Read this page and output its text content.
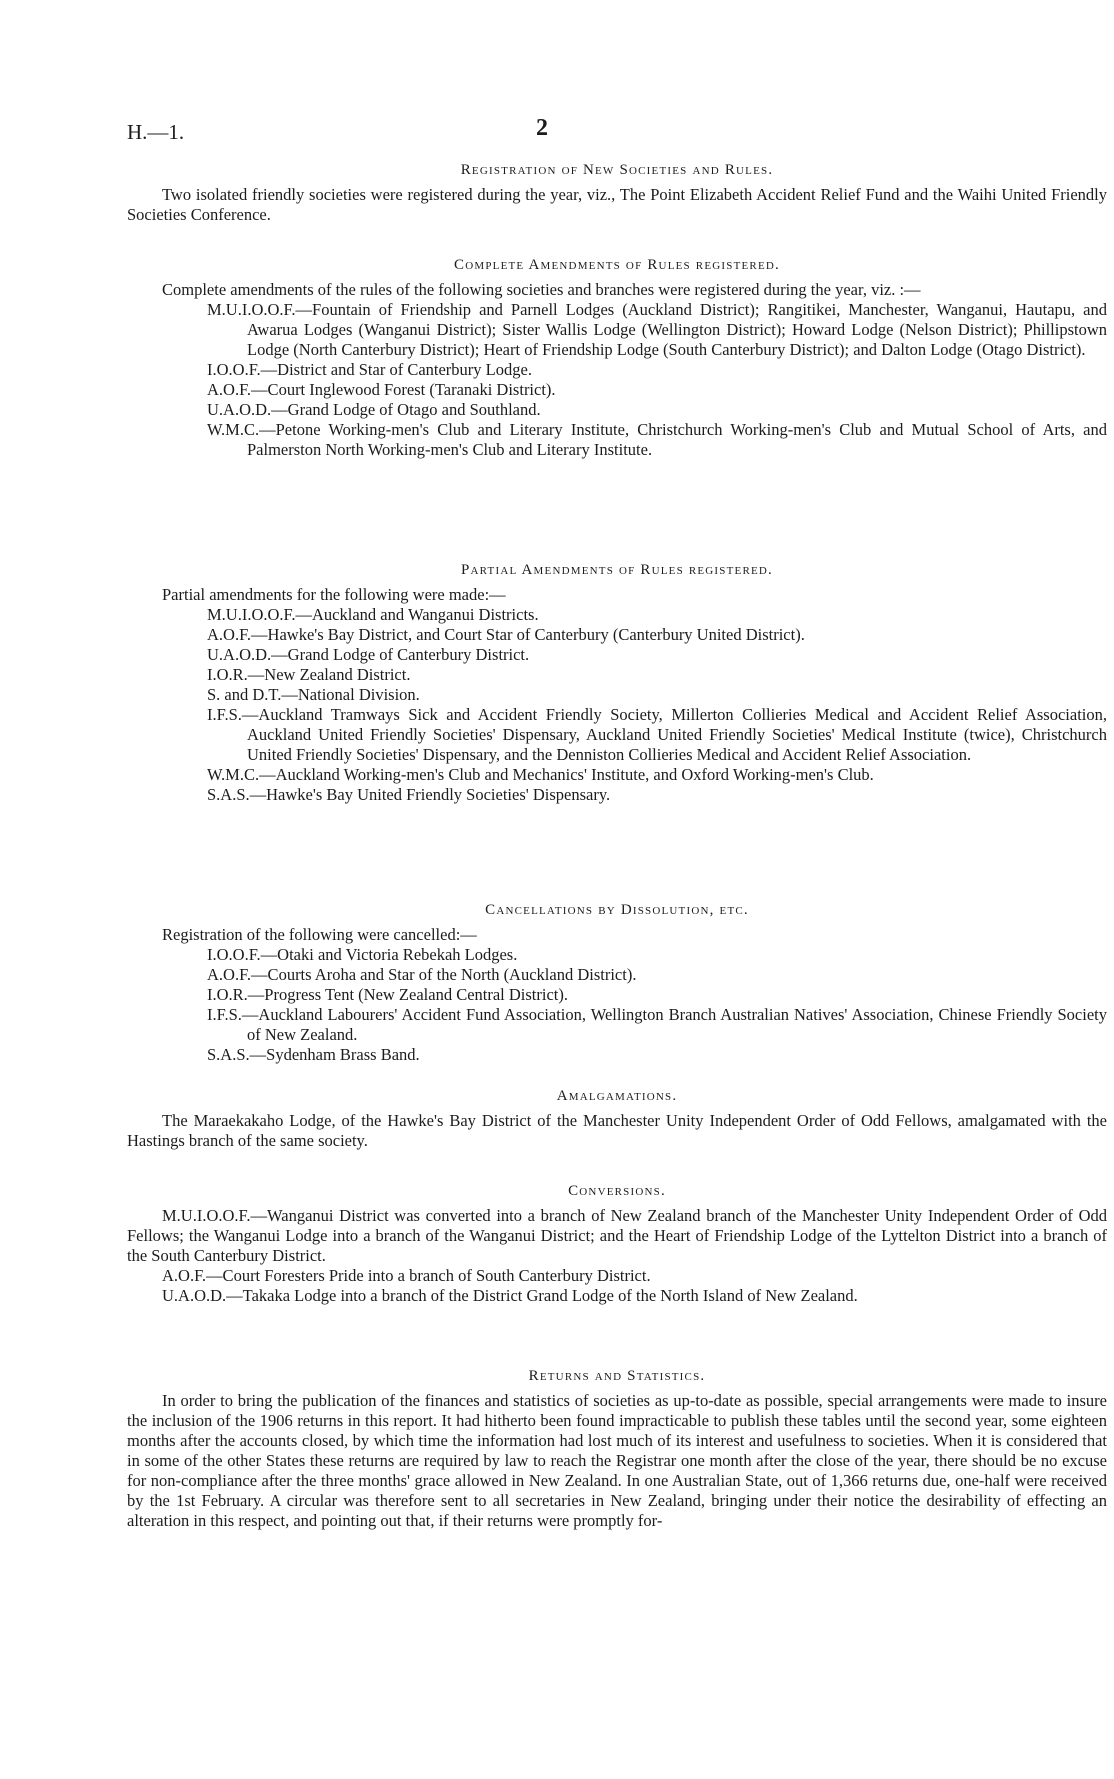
H.—1.	2
Registration of New Societies and Rules.

Two isolated friendly societies were registered during the year, viz., The Point Elizabeth Accident Relief Fund and the Waihi United Friendly Societies Conference.

Complete Amendments of Rules registered.

Complete amendments of the rules of the following societies and branches were registered during the year, viz. :—

M.U.I.O.O.F.—Fountain of Friendship and Parnell Lodges (Auckland District); Rangitikei, Manchester, Wanganui, Hautapu, and Awarua Lodges (Wanganui District); Sister Wallis Lodge (Wellington District); Howard Lodge (Nelson District); Phillipstown Lodge (North Canterbury District); Heart of Friendship Lodge (South Canterbury District); and Dalton Lodge (Otago District).
I.O.O.F.—District and Star of Canterbury Lodge.
A.O.F.—Court Inglewood Forest (Taranaki District).
U.A.O.D.—Grand Lodge of Otago and Southland.
W.M.C.—Petone Working-men's Club and Literary Institute, Christchurch Working-men's Club and Mutual School of Arts, and Palmerston North Working-men's Club and Literary Institute.
Partial Amendments of Rules registered.

Partial amendments for the following were made:—

M.U.I.O.O.F.—Auckland and Wanganui Districts.
A.O.F.—Hawke's Bay District, and Court Star of Canterbury (Canterbury United District).
U.A.O.D.—Grand Lodge of Canterbury District.
I.O.R.—New Zealand District.
S. and D.T.—National Division.
I.F.S.—Auckland Tramways Sick and Accident Friendly Society, Millerton Collieries Medical and Accident Relief Association, Auckland United Friendly Societies' Dispensary, Auckland United Friendly Societies' Medical Institute (twice), Christchurch United Friendly Societies' Dispensary, and the Denniston Collieries Medical and Accident Relief Association.
W.M.C.—Auckland Working-men's Club and Mechanics' Institute, and Oxford Working-men's Club.
S.A.S.—Hawke's Bay United Friendly Societies' Dispensary.
Cancellations by Dissolution, etc.

Registration of the following were cancelled:—

I.O.O.F.—Otaki and Victoria Rebekah Lodges.
A.O.F.—Courts Aroha and Star of the North (Auckland District).
I.O.R.—Progress Tent (New Zealand Central District).
I.F.S.—Auckland Labourers' Accident Fund Association, Wellington Branch Australian Natives' Association, Chinese Friendly Society of New Zealand.
S.A.S.—Sydenham Brass Band.
Amalgamations.

The Maraekakaho Lodge, of the Hawke's Bay District of the Manchester Unity Independent Order of Odd Fellows, amalgamated with the Hastings branch of the same society.

Conversions.

M.U.I.O.O.F.—Wanganui District was converted into a branch of New Zealand branch of the Manchester Unity Independent Order of Odd Fellows; the Wanganui Lodge into a branch of the Wanganui District; and the Heart of Friendship Lodge of the Lyttelton District into a branch of the South Canterbury District.

A.O.F.—Court Foresters Pride into a branch of South Canterbury District.

U.A.O.D.—Takaka Lodge into a branch of the District Grand Lodge of the North Island of New Zealand.

Returns and Statistics.

In order to bring the publication of the finances and statistics of societies as up-to-date as possible, special arrangements were made to insure the inclusion of the 1906 returns in this report. It had hitherto been found impracticable to publish these tables until the second year, some eighteen months after the accounts closed, by which time the information had lost much of its interest and usefulness to societies. When it is considered that in some of the other States these returns are required by law to reach the Registrar one month after the close of the year, there should be no excuse for non-compliance after the three months' grace allowed in New Zealand. In one Australian State, out of 1,366 returns due, one-half were received by the 1st February. A circular was therefore sent to all secretaries in New Zealand, bringing under their notice the desirability of effecting an alteration in this respect, and pointing out that, if their returns were promptly for-
